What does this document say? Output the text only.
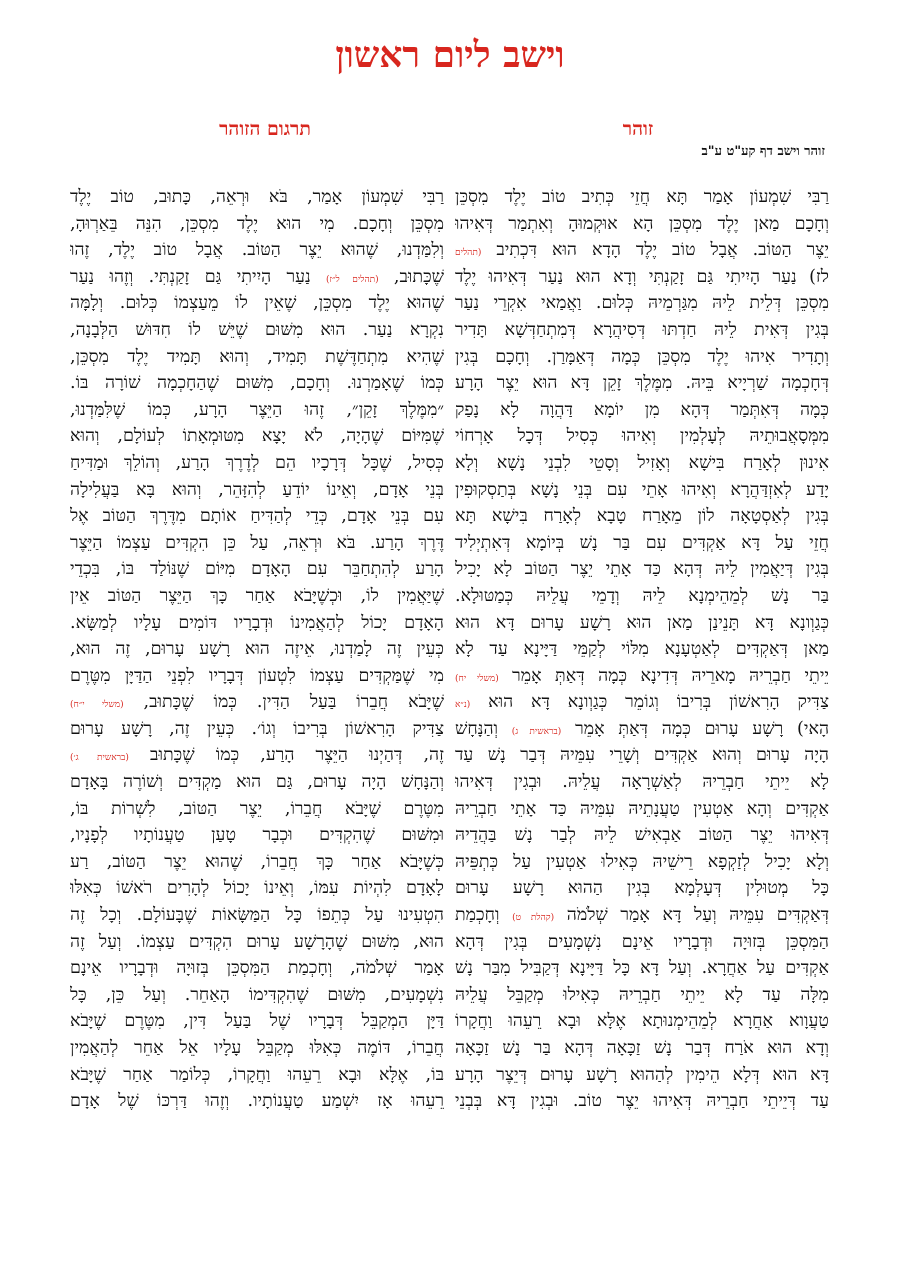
וישב ליום ראשון
זוהר
תרגום הזוהר
זוהר וישב דף קע"ט ע"ב
רַבִּי שִׁמְעוֹן אָמַר תָּא חֲזֵי כְּתִיב טוֹב יֶלֶד מִסְכֵּן
וְחָכָם מַאן יֶלֶד מִסְכֵּן הָא אוּקְמוּהָ וְאִתְמַר דְּאִיהוּ
יֵצֶר הַטּוֹב. אֲבָל טוֹב יֶלֶד הָדָא הוּא דִּכְתִיב (תהלים
לז) נַעַר הָיִיתִי גַּם זָקַנְתִּי וְדָא הוּא נַעַר דְּאִיהוּ יֶלֶד
מִסְכֵּן דְּלֵית לֵיהּ מִגַּרְמֵיהּ כְּלוּם. וַאֲמַאי אִקְרֵי נַעַר
בְּגִין דְּאִית לֵיהּ חַדְתּוּ דְּסִיהֲרָא דְּמִתְחַדְּשָׁא תָּדִיר
וְתָדִיר אִיהוּ יֶלֶד מִסְכֵּן כְּמָה דְּאַמָּרַן. וְחָכָם בְּגִין
דְּחָכְמָה שַׁרְיָיא בֵּיהּ. מִמֶּלֶךְ זָקֵן דָּא הוּא יֵצֶר הָרָע
כְּמָה דְּאִתְּמַר דְּהָא מִן יוֹמָא דַּהֲוָה לָא נָפַק
מִמְּסָאֲבוּתֵיהּ לְעָלְמִין וְאִיהוּ כְּסִיל דְּכָל אָרְחוֹי
אִינוּן לְאָרַח בִּישָׁא וְאָזִיל וְסָטֵי לִבְנֵי נָשָׁא וְלָא
יָדַע לְאִזְדַּהֲרָא וְאִיהוּ אָתֵי עִם בְּנֵי נָשָׁא בְּתַסְקוּפִין
בְּגִין לְאַסְטָאָה לוֹן מֵאָרַח טָבָא לְאָרַח בִּישָׁא תָּא
חֲזֵי עַל דָּא אַקְדִּים עִם בַּר נָשׁ בְּיוֹמָא דְּאִתְיְלִיד
בְּגִין דְּיַאֲמִין לֵיהּ דְּהָא כַּד אָתֵי יֵצֶר הַטּוֹב לָא יָכִיל
בַּר נָשׁ לְמֵהֵימְנָא לֵיהּ וְדָמֵי עֲלֵיהּ כְּמַטּוּלָא.
כְּגַוְונָא דָּא תָּנֵינַן מַאן הוּא רָשָׁע עָרוּם דָּא הוּא
מַאן דְּאַקְדִּים לְאַטְעָנָא מִלּוֹי לְקַמֵּי דַּיָּינָא עַד לָא
יֵיתֵי חַבְרֵיהּ מָארֵיהּ דְּדִינָא כְּמָה דְּאַתְּ אָמֵר (משלי יח)
צַדִּיק הָרִאשׁוֹן בְּרִיבוֹ וְגוֹמֵר כְּגַוְונָא דָּא הוּא (נ״א
הָאי) רָשָׁע עָרוּם כְּמָה דְּאַתְּ אָמֵר (בראשית ג) וְהַנָּחָשׁ
הָיָה עָרוּם וְהוּא אַקְדִּים וְשָׁרֵי עִמֵּיהּ דְּבַר נָשׁ עַד
לָא יֵיתֵי חַבְרֵיהּ לְאַשְׁרָאָה עֲלֵיהּ. וּבְגִין דְּאִיהוּ
אַקְדִּים וְהָא אַטְעִין טַעֲנָתֵיהּ עִמֵּיהּ כַּד אָתֵי חַבְרֵיהּ
דְּאִיהוּ יֵצֶר הַטּוֹב אַבְאִישׁ לֵיהּ לְבַר נָשׁ בַּהֲדֵיהּ
וְלָא יָכִיל לְזַקְפָא רֵישֵׁיהּ כְּאִילוּ אַטְעִין עַל כְּתְפֵּיהּ
כָּל מְטוּלִין דְּעָלְמָא בְּגִין הַהוּא רָשָׁע עָרוּם
דְּאַקְדִּים עִמֵּיהּ וְעַל דָּא אָמַר שְׁלֹמֹה (קהלת ט) וְחָכְמַת
הַמִּסְכֵּן בְּזוּיָה וּדְבָרָיו אֵינָם נִשְׁמָעִים בְּגִין דְּהָא
אַקְדִּים עַל אַחֲרָא. וְעַל דָּא כָּל דַּיָּינָא דְּקַבִּיל מִבַּר נָשׁ
מִלָּה עַד לָא יֵיתֵי חַבְרֵיהּ כְּאִילוּ מְקַבֵּל עֲלֵיהּ
טַעֲוָוא אַחֲרָא לְמֵהֵימְנוּתָא אֶלָּא וּבָא רֵעֵהוּ וַחֲקָרוֹ
וְדָא הוּא אֹרַח דְּבַר נָשׁ זַכָּאָה דְּהָא בַּר נָשׁ זַכָּאָה
דָּא הוּא דְּלָא הֵימִין לְהַהוּא רָשָׁע עָרוּם דְּיֵצֶר הָרָע
עַד דְּיֵיתֵי חַבְרֵיהּ דְּאִיהוּ יֵצֶר טוֹב. וּבְגִין דָּא בְּבְנֵי
רַבִּי שִׁמְעוֹן אָמַר, בֹּא וּרְאֵה, כָּתוּב, טוֹב יֶלֶד
מִסְכֵּן וְחָכָם. מִי הוּא יֶלֶד מִסְכֵּן, הִנֵּה בֵּאַרְוּהָ,
וְלִמַּדְנוּ, שֶׁהוּא יֵצֶר הַטּוֹב. אֲבָל טוֹב יֶלֶד, זֶהוּ
שֶׁכָּתוּב, (תהלים ל״ז) נַעַר הָיִיתִי גַּם זָקַנְתִּי. וְזֶהוּ נַעַר
שֶׁהוּא יֶלֶד מִסְכֵּן, שֶׁאֵין לוֹ מֵעַצְמוֹ כְּלוּם. וְלָמָּה
נִקְרָא נַעַר. הוּא מִשּׁוּם שֶׁיֵּשׁ לוֹ חִדּוּשׁ הַלְּבָנָה,
שֶׁהִיא מִתְחַדֶּשֶׁת תָּמִיד, וְהוּא תָּמִיד יֶלֶד מִסְכֵּן,
כְּמוֹ שֶׁאָמַרְנוּ. וְחָכָם, מִשּׁוּם שֶׁהַחָכְמָה שׁוֹרָה בּוֹ.
״מִמֶּלֶךְ זָקֵן״, זֶהוּ הַיֵּצֶר הָרָע, כְּמוֹ שֶׁלִּמַּדְנוּ,
שֶׁמִּיּוֹם שֶׁהָיָה, לֹא יָצָא מִטּוּמְאָתוֹ לְעוֹלָם, וְהוּא
כְּסִיל, שֶׁכָּל דְּרָכָיו הֵם לְדֶרֶךְ הָרַע, וְהוֹלֵךְ וּמַדִּיחַ
בְּנֵי אָדָם, וְאֵינוֹ יוֹדֵעַ לְהִזָּהֵר, וְהוּא בָּא בַּעֲלִילָה
עִם בְּנֵי אָדָם, כְּדֵי לְהַדִּיחַ אוֹתָם מִדֶּרֶךְ הַטּוֹב אֶל
דֶּרֶךְ הָרַע. בֹּא וּרְאֵה, עַל כֵּן הִקְדִּים עַצְמוֹ הַיֵּצֶר
הָרַע לְהִתְחַבֵּר עִם הָאָדָם מִיּוֹם שֶׁנּוֹלַד בּוֹ, בִּכְדֵי
שֶׁיַּאֲמִין לוֹ, וּכְשֶׁיָּבֹא אַחַר כָּךְ הַיֵּצֶר הַטּוֹב אֵין
הָאָדָם יָכוֹל לְהַאֲמִינוֹ וּדְבָרָיו דּוֹמִים עָלָיו לְמַשָּׂא.
כְּעֵין זֶה לָמַדְנוּ, אֵיזֶה הוּא רָשָׁע עָרוּם, זֶה הוּא,
מִי שֶׁמַּקְדִּים עַצְמוֹ לִטְעוֹן דְּבָרָיו לִפְנֵי הַדַּיָּן מִטֶּרֶם
שֶׁיָּבֹא חֲבֵרוֹ בַּעַל הַדִּין. כְּמוֹ שֶׁכָּתוּב, (משלי י״ח)
צַדִּיק הָרִאשׁוֹן בְּרִיבוֹ וְגוֹ׳. כְּעֵין זֶה, רָשָׁע עָרוּם
זֶה, דְּהַיְנוּ הַיֵּצֶר הָרַע, כְּמוֹ שֶׁכָּתוּב (בראשית ג׳)
וְהַנָּחָשׁ הָיָה עָרוּם, גַּם הוּא מַקְדִּים וְשׁוֹרֶה בָּאָדָם
מִטֶּרֶם שֶׁיָּבֹא חֲבֵרוֹ, יֵצֶר הַטּוֹב, לִשְׁרוֹת בּוֹ,
וּמִשּׁוּם שֶׁהִקְדִּים וּכְבָר טָעַן טַעֲנוֹתָיו לְפָנָיו,
כְּשֶׁיָּבֹא אַחַר כָּךְ חֲבֵרוֹ, שֶׁהוּא יֵצֶר הַטּוֹב, רַע
לָאָדָם לִהְיוֹת עִמּוֹ, וְאֵינוֹ יָכוֹל לְהָרִים רֹאשׁוֹ כְּאִלּוּ
הִטְעִינוּ עַל כְּתֵפוֹ כָּל הַמַּשָּׂאוֹת שֶׁבָּעוֹלָם. וְכָל זֶה
הוּא, מִשּׁוּם שֶׁהָרָשָׁע עָרוּם הִקְדִּים עַצְמוֹ. וְעַל זֶה
אָמַר שְׁלֹמֹה, וְחָכְמַת הַמִּסְכֵּן בְּזוּיָה וּדְבָרָיו אֵינָם
נִשְׁמָעִים, מִשּׁוּם שֶׁהִקְדִּימוֹ הָאַחֵר. וְעַל כֵּן, כָּל
דַּיָּן הַמְקַבֵּל דְּבָרָיו שֶׁל בַּעַל דִּין, מִטֶּרֶם שֶׁיָּבֹא
חֲבֵרוֹ, דּוֹמֶה כְּאִלּוּ מְקַבֵּל עָלָיו אֵל אַחֵר לְהַאֲמִין
בּוֹ, אֶלָּא וּבָא רֵעֵהוּ וַחֲקָרוֹ, כְּלוֹמַר אַחַר שֶׁיָּבֹא
רֵעֵהוּ אָז יִשְׁמַע טַעֲנוֹתָיו. וְזֶהוּ דַּרְכּוֹ שֶׁל אָדָם
